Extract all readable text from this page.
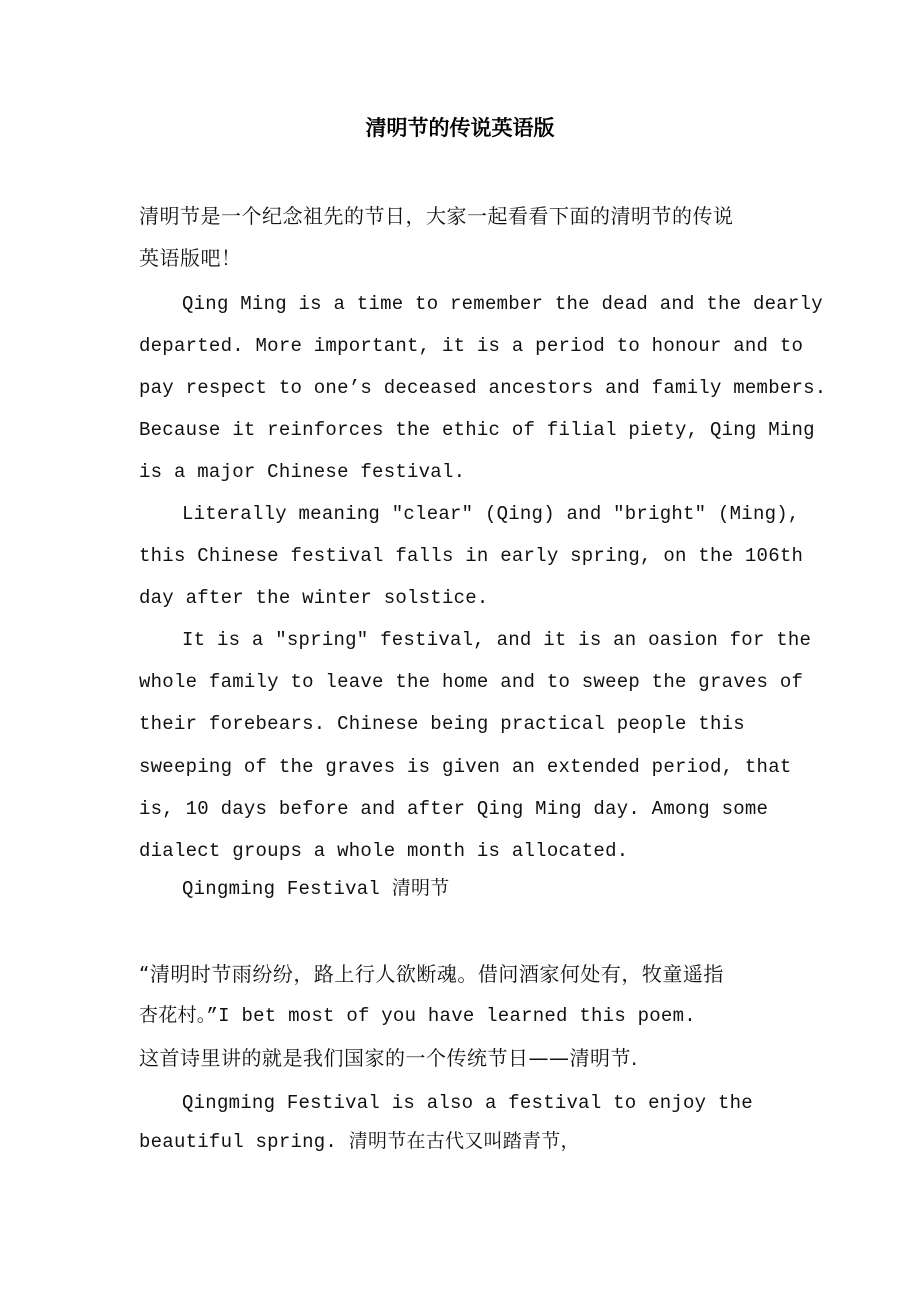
清明节的传说英语版
清明节是一个纪念祖先的节日，大家一起看看下面的清明节的传说
英语版吧！
Qing Ming is a time to remember the dead and the dearly
departed. More important, it is a period to honour and to
pay respect to one’s deceased ancestors and family members.
Because it reinforces the ethic of filial piety, Qing Ming
is a major Chinese festival.
Literally meaning ″clear″ (Qing) and ″bright″ (Ming),
this Chinese festival falls in early spring, on the 106th
day after the winter solstice.
It is a ″spring″ festival, and it is an oasion for the
whole family to leave the home and to sweep the graves of
their forebears. Chinese being practical people this
sweeping of the graves is given an extended period, that
is, 10 days before and after Qing Ming day. Among some
dialect groups a whole month is allocated.
Qingming Festival 清明节
“清明时节雨纷纷，路上行人欲断魂。借问酒家何处有，牧童遥指
杏花村。”I bet most of you have learned this poem.
这首诗里讲的就是我们国家的一个传统节日——清明节.
Qingming Festival is also a festival to enjoy the
beautiful spring. 清明节在古代又叫踏青节，
